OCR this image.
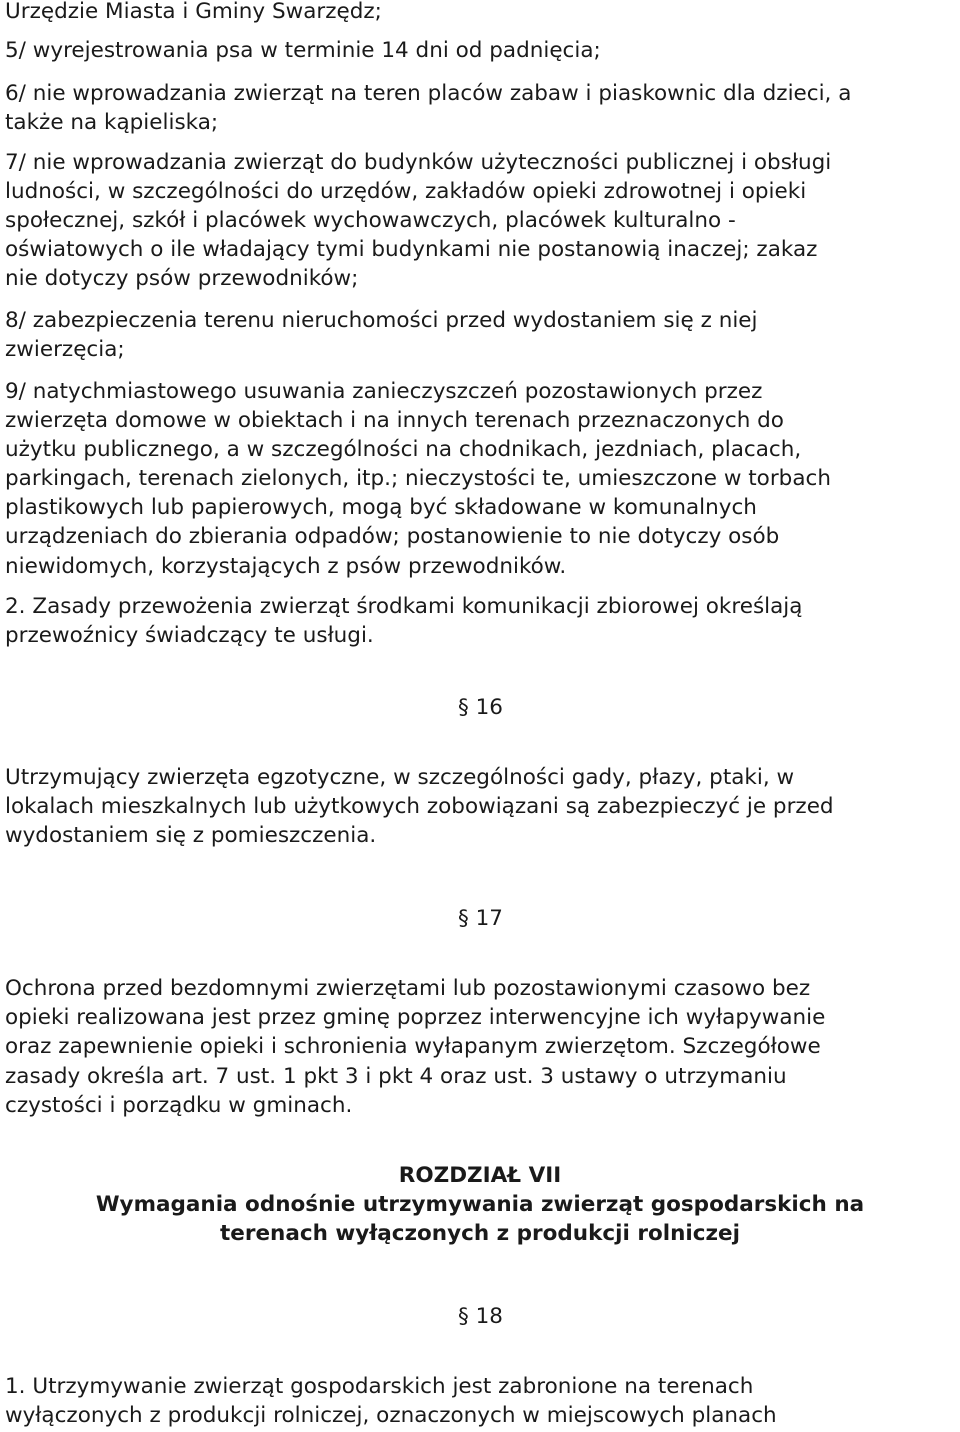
Urzędzie Miasta i Gminy Swarzędz;
5/ wyrejestrowania psa w terminie 14 dni od padnięcia;
6/ nie wprowadzania zwierząt na teren placów zabaw i piaskownic dla dzieci, a
także na kąpieliska;
7/ nie wprowadzania zwierząt do budynków użyteczności publicznej i obsługi
ludności, w szczególności do urzędów, zakładów opieki zdrowotnej i opieki
społecznej, szkół i placówek wychowawczych, placówek kulturalno -
oświatowych o ile władający tymi budynkami nie postanowią inaczej; zakaz
nie dotyczy psów przewodników;
8/ zabezpieczenia terenu nieruchomości przed wydostaniem się z niej
zwierzęcia;
9/ natychmiastowego usuwania zanieczyszczeń pozostawionych przez
zwierzęta domowe w obiektach i na innych terenach przeznaczonych do
użytku publicznego, a w szczególności na chodnikach, jezdniach, placach,
parkingach, terenach zielonych, itp.; nieczystości te, umieszczone w torbach
plastikowych lub papierowych, mogą być składowane w komunalnych
urządzeniach do zbierania odpadów; postanowienie to nie dotyczy osób
niewidomych, korzystających z psów przewodników.
2. Zasady przewożenia zwierząt środkami komunikacji zbiorowej określają
przewoźnicy świadczący te usługi.
§ 16
Utrzymujący zwierzęta egzotyczne, w szczególności gady, płazy, ptaki, w
lokalach mieszkalnych lub użytkowych zobowiązani są zabezpieczyć je przed
wydostaniem się z pomieszczenia.
§ 17
Ochrona przed bezdomnymi zwierzętami lub pozostawionymi czasowo bez
opieki realizowana jest przez gminę poprzez interwencyjne ich wyłapywanie
oraz zapewnienie opieki i schronienia wyłapanym zwierzętom. Szczegółowe
zasady określa art. 7 ust. 1 pkt 3 i pkt 4 oraz ust. 3 ustawy o utrzymaniu
czystości i porządku w gminach.
ROZDZIAŁ VII
Wymagania odnośnie utrzymywania zwierząt gospodarskich na
terenach wyłączonych z produkcji rolniczej
§ 18
1. Utrzymywanie zwierząt gospodarskich jest zabronione na terenach
wyłączonych z produkcji rolniczej, oznaczonych w miejscowych planach
